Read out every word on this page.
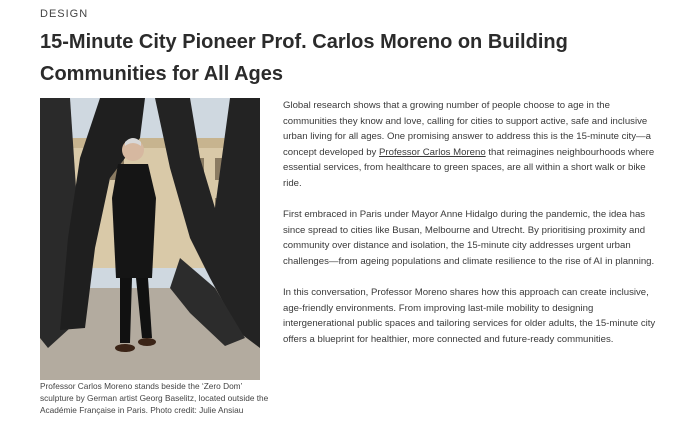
DESIGN
15-Minute City Pioneer Prof. Carlos Moreno on Building Communities for All Ages
Professor Carlos Moreno stands beside the ‘Zero Dom’ sculpture by German artist Georg Baselitz, located outside the Académie Française in Paris. Photo credit: Julie Ansiau

Global research shows that a growing number of people choose to age in the communities they know and love, calling for cities to support active, safe and inclusive urban living for all ages. One promising answer to address this is the 15-minute city—a concept developed by Professor Carlos Moreno that reimagines neighbourhoods where essential services, from healthcare to green spaces, are all within a short walk or bike ride.

First embraced in Paris under Mayor Anne Hidalgo during the pandemic, the idea has since spread to cities like Busan, Melbourne and Utrecht. By prioritising proximity and community over distance and isolation, the 15-minute city addresses urgent urban challenges—from ageing populations and climate resilience to the rise of AI in planning.

In this conversation, Professor Moreno shares how this approach can create inclusive, age-friendly environments. From improving last-mile mobility to designing intergenerational public spaces and tailoring services for older adults, the 15-minute city offers a blueprint for healthier, more connected and future-ready communities.
